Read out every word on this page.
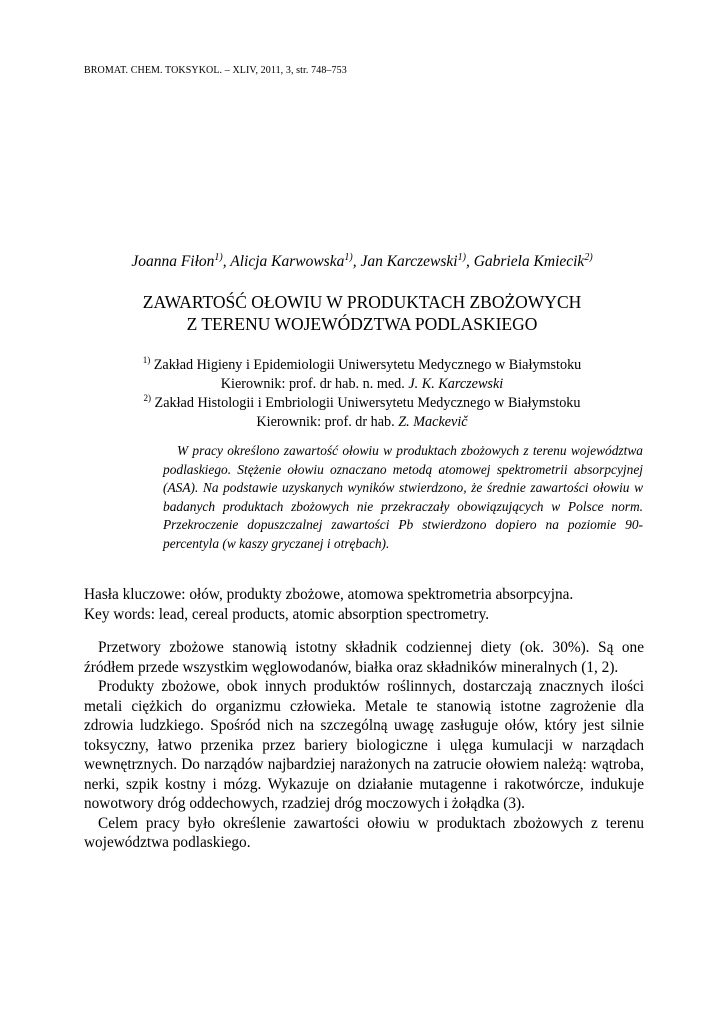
BROMAT. CHEM. TOKSYKOL. – XLIV, 2011, 3, str. 748–753
Joanna Fiłon$^{1)}$, Alicja Karwowska$^{1)}$, Jan Karczewski$^{1)}$, Gabriela Kmiecik$^{2)}$
ZAWARTOŚĆ OŁOWIU W PRODUKTACH ZBOŻOWYCH
Z TERENU WOJEWÓDZTWA PODLASKIEGO
$^{1)}$ Zakład Higieny i Epidemiologii Uniwersytetu Medycznego w Białymstoku
Kierownik: prof. dr hab. n. med. J. K. Karczewski
$^{2)}$ Zakład Histologii i Embriologii Uniwersytetu Medycznego w Białymstoku
Kierownik: prof. dr hab. Z. Mackevič
W pracy określono zawartość ołowiu w produktach zbożowych z terenu województwa podlaskiego. Stężenie ołowiu oznaczano metodą atomowej spektrometrii absorpcyjnej (ASA). Na podstawie uzyskanych wyników stwierdzono, że średnie zawartości ołowiu w badanych produktach zbożowych nie przekraczały obowiązujących w Polsce norm. Przekroczenie dopuszczalnej zawartości Pb stwierdzono dopiero na poziomie 90-percentyla (w kaszy gryczanej i otrębach).
Hasła kluczowe: ołów, produkty zbożowe, atomowa spektrometria absorpcyjna.
Key words: lead, cereal products, atomic absorption spectrometry.

Przetwory zbożowe stanowią istotny składnik codziennej diety (ok. 30%). Są one źródłem przede wszystkim węglowodanów, białka oraz składników mineralnych (1, 2).

Produkty zbożowe, obok innych produktów roślinnych, dostarczają znacznych ilości metali ciężkich do organizmu człowieka. Metale te stanowią istotne zagrożenie dla zdrowia ludzkiego. Spośród nich na szczególną uwagę zasługuje ołów, który jest silnie toksyczny, łatwo przenika przez bariery biologiczne i ulęga kumulacji w narządach wewnętrznych. Do narządów najbardziej narażonych na zatrucie ołowiem należą: wątroba, nerki, szpik kostny i mózg. Wykazuje on działanie mutagenne i rakotwórcze, indukuje nowotwory dróg oddechowych, rzadziej dróg moczowych i żołądka (3).

Celem pracy było określenie zawartości ołowiu w produktach zbożowych z terenu województwa podlaskiego.
